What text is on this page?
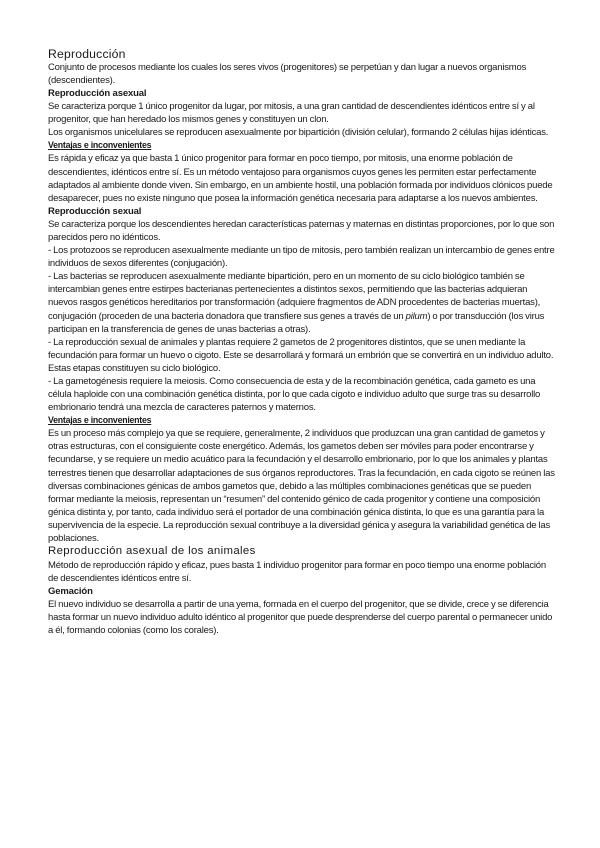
Reproducción

Conjunto de procesos mediante los cuales los seres vivos (progenitores) se perpetúan y dan lugar a nuevos organismos (descendientes).

Reproducción asexual

Se caracteriza porque 1 único progenitor da lugar, por mitosis, a una gran cantidad de descendientes idénticos entre sí y al progenitor, que han heredado los mismos genes y constituyen un clon.

Los organismos unicelulares se reproducen asexualmente por bipartición (división celular), formando 2 células hijas idénticas.

Ventajas e inconvenientes

Es rápida y eficaz ya que basta 1 único progenitor para formar en poco tiempo, por mitosis, una enorme población de descendientes, idénticos entre sí. Es un método ventajoso para organismos cuyos genes les permiten estar perfectamente adaptados al ambiente donde viven. Sin embargo, en un ambiente hostil, una población formada por individuos clónicos puede desaparecer, pues no existe ninguno que posea la información genética necesaria para adaptarse a los nuevos ambientes.

Reproducción sexual

Se caracteriza porque los descendientes heredan características paternas y maternas en distintas proporciones, por lo que son parecidos pero no idénticos.

- Los protozoos se reproducen asexualmente mediante un tipo de mitosis, pero también realizan un intercambio de genes entre individuos de sexos diferentes (conjugación).

- Las bacterias se reproducen asexualmente mediante bipartición, pero en un momento de su ciclo biológico también se intercambian genes entre estirpes bacterianas pertenecientes a distintos sexos, permitiendo que las bacterias adquieran nuevos rasgos genéticos hereditarios por transformación (adquiere fragmentos de ADN procedentes de bacterias muertas), conjugación (proceden de una bacteria donadora que transfiere sus genes a través de un pilum) o por transducción (los virus participan en la transferencia de genes de unas bacterias a otras).

- La reproducción sexual de animales y plantas requiere 2 gametos de 2 progenitores distintos, que se unen mediante la fecundación para formar un huevo o cigoto. Este se desarrollará y formará un embrión que se convertirá en un individuo adulto. Estas etapas constituyen su ciclo biológico.

- La gametogénesis requiere la meiosis. Como consecuencia de esta y de la recombinación genética, cada gameto es una célula haploide con una combinación genética distinta, por lo que cada cigoto e individuo adulto que surge tras su desarrollo embrionario tendrá una mezcla de caracteres paternos y maternos.

Ventajas e inconvenientes

Es un proceso más complejo ya que se requiere, generalmente, 2 individuos que produzcan una gran cantidad de gametos y otras estructuras, con el consiguiente coste energético. Además, los gametos deben ser móviles para poder encontrarse y fecundarse, y se requiere un medio acuático para la fecundación y el desarrollo embrionario, por lo que los animales y plantas terrestres tienen que desarrollar adaptaciones de sus órganos reproductores. Tras la fecundación, en cada cigoto se reúnen las diversas combinaciones génicas de ambos gametos que, debido a las múltiples combinaciones genéticas que se pueden formar mediante la meiosis, representan un “resumen” del contenido génico de cada progenitor y contiene una composición génica distinta y, por tanto, cada individuo será el portador de una combinación génica distinta, lo que es una garantía para la supervivencia de la especie. La reproducción sexual contribuye a la diversidad génica y asegura la variabilidad genética de las poblaciones.

Reproducción asexual de los animales

Método de reproducción rápido y eficaz, pues basta 1 individuo progenitor para formar en poco tiempo una enorme población de descendientes idénticos entre sí.

Gemación

El nuevo individuo se desarrolla a partir de una yema, formada en el cuerpo del progenitor, que se divide, crece y se diferencia hasta formar un nuevo individuo adulto idéntico al progenitor que puede desprenderse del cuerpo parental o permanecer unido a él, formando colonias (como los corales).
